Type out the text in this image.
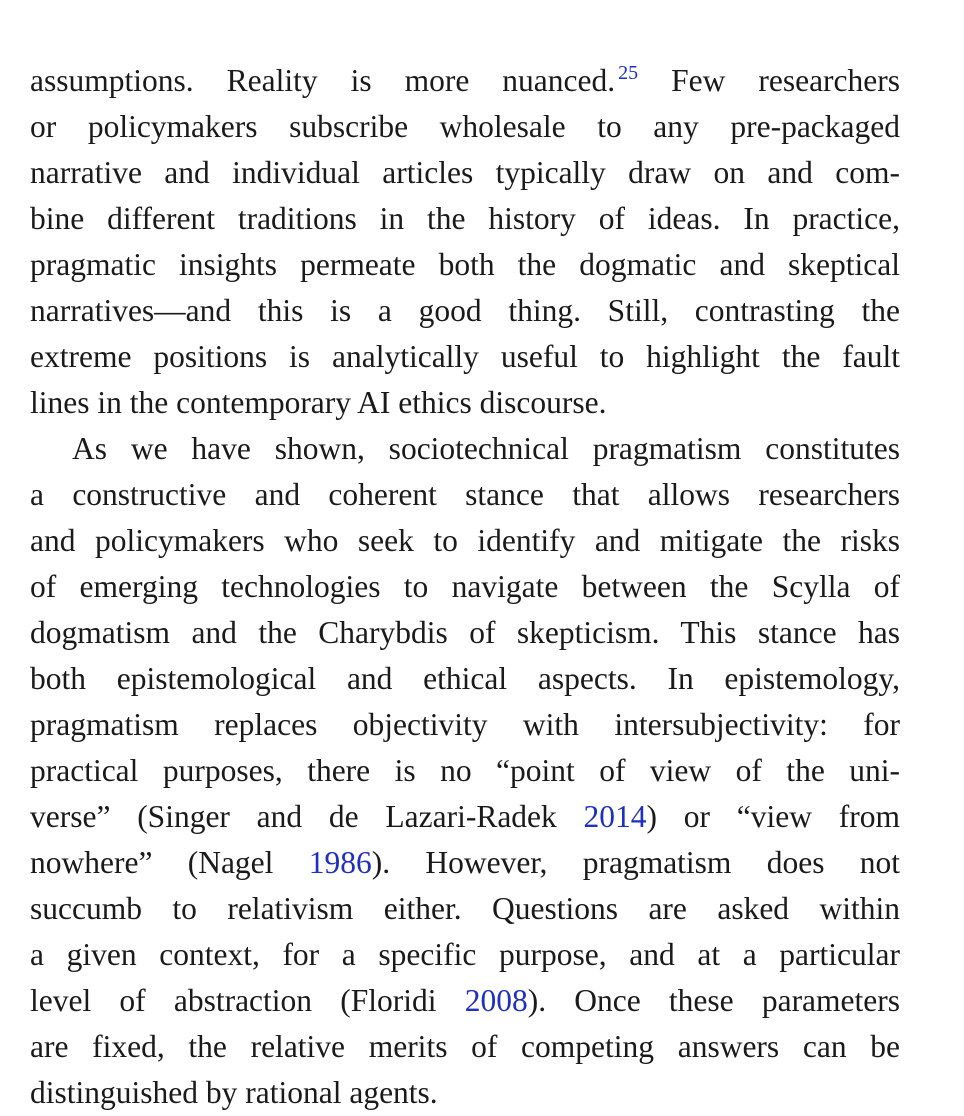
assumptions. Reality is more nuanced. $^{25}$ Few researchers
or policymakers subscribe wholesale to any pre-packaged
narrative and individual articles typically draw on and com-
bine different traditions in the history of ideas. In practice,
pragmatic insights permeate both the dogmatic and skeptical
narratives—and this is a good thing. Still, contrasting the
extreme positions is analytically useful to highlight the fault
lines in the contemporary AI ethics discourse.
As we have shown, sociotechnical pragmatism constitutes
a constructive and coherent stance that allows researchers
and policymakers who seek to identify and mitigate the risks
of emerging technologies to navigate between the Scylla of
dogmatism and the Charybdis of skepticism. This stance has
both epistemological and ethical aspects. In epistemology,
pragmatism replaces objectivity with intersubjectivity: for
practical purposes, there is no “point of view of the uni-
verse” (Singer and de Lazari-Radek 2014) or “view from
nowhere” (Nagel 1986). However, pragmatism does not
succumb to relativism either. Questions are asked within
a given context, for a specific purpose, and at a particular
level of abstraction (Floridi 2008). Once these parameters
are fixed, the relative merits of competing answers can be
distinguished by rational agents.
